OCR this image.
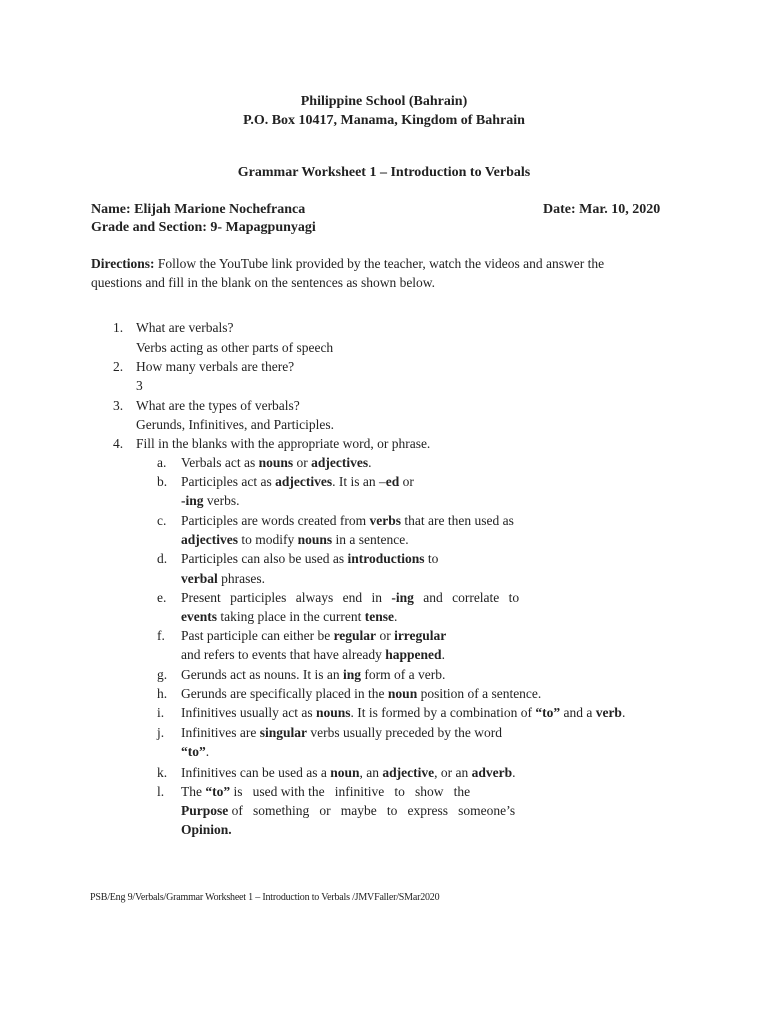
Philippine School (Bahrain)
P.O. Box 10417, Manama, Kingdom of Bahrain
Grammar Worksheet 1 – Introduction to Verbals
Name: Elijah Marione Nochefranca	Date: Mar. 10, 2020
Grade and Section: 9- Mapagpunyagi
Directions: Follow the YouTube link provided by the teacher, watch the videos and answer the
questions and fill in the blank on the sentences as shown below.
1. What are verbals?
Verbs acting as other parts of speech
2. How many verbals are there?
3
3. What are the types of verbals?
Gerunds, Infinitives, and Participles.
4. Fill in the blanks with the appropriate word, or phrase.
a. Verbals act as nouns or adjectives.
b. Participles act as adjectives. It is an –ed or
-ing verbs.
c. Participles are words created from verbs that are then used as
adjectives to modify nouns in a sentence.
d. Participles can also be used as introductions to
verbal phrases.
e. Present participles always end in -ing and correlate to
events taking place in the current tense.
f. Past participle can either be regular or irregular
and refers to events that have already happened.
g. Gerunds act as nouns. It is an ing form of a verb.
h. Gerunds are specifically placed in the noun position of a sentence.
i. Infinitives usually act as nouns. It is formed by a combination of “to” and a verb.
j. Infinitives are singular verbs usually preceded by the word
“to”.
k. Infinitives can be used as a noun, an adjective, or an adverb.
l. The “to” is   used with the   infinitive   to   show   the
Purpose of   something   or   maybe   to   express   someone’s
Opinion.
PSB/Eng 9/Verbals/Grammar Worksheet 1 – Introduction to Verbals /JMVFaller/SMar2020
